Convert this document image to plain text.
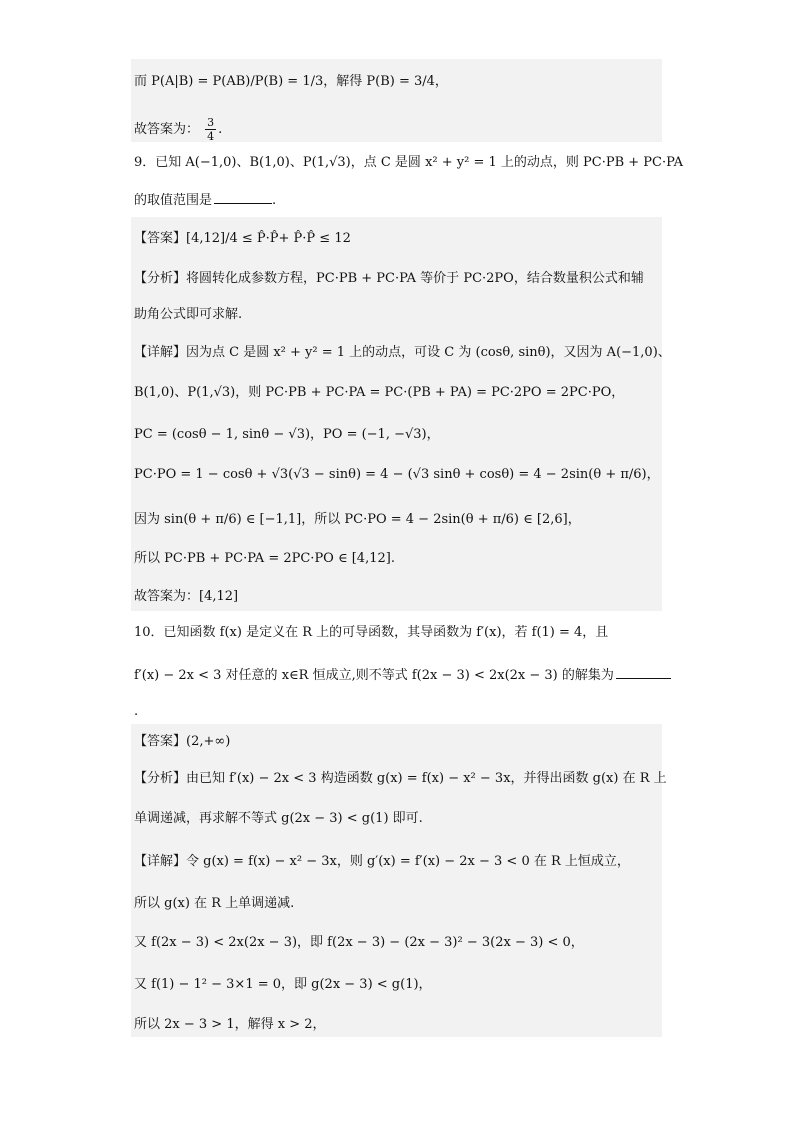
而 P(A|B) = P(AB)/P(B) = 1/3，解得 P(B) = 3/4，
故答案为： $\frac{3}{4}$ .
9．已知 A(−1,0)、B(1,0)、P(1,√3)，点 C 是圆 x² + y² = 1 上的动点，则 PC·PB + PC·PA
的取值范围是	.
【答案】[4,12]/4 ≤ P̂·P̂+ P̂·P̂ ≤ 12
【分析】将圆转化成参数方程，PC·PB + PC·PA 等价于 PC·2PO，结合数量积公式和辅
助角公式即可求解.
【详解】因为点 C 是圆 x² + y² = 1 上的动点，可设 C 为 (cosθ, sinθ)，又因为 A(−1,0)、
B(1,0)、P(1,√3)，则 PC·PB + PC·PA = PC·(PB + PA) = PC·2PO = 2PC·PO，
PC = (cosθ − 1, sinθ − √3)，PO = (−1, −√3)，
PC·PO = 1 − cosθ + √3(√3 − sinθ) = 4 − (√3 sinθ + cosθ) = 4 − 2sin(θ + π/6)，
因为 sin(θ + π/6) ∈ [−1,1]，所以 PC·PO = 4 − 2sin(θ + π/6) ∈ [2,6]，
所以 PC·PB + PC·PA = 2PC·PO ∈ [4,12].
故答案为：[4,12]
10．已知函数 f(x) 是定义在 R 上的可导函数，其导函数为 f′(x)，若 f(1) = 4，且
f′(x) − 2x < 3 对任意的 x∈R 恒成立,则不等式 f(2x − 3) < 2x(2x − 3) 的解集为
.
【答案】(2,+∞)
【分析】由已知 f′(x) − 2x < 3 构造函数 g(x) = f(x) − x² − 3x，并得出函数 g(x) 在 R 上
单调递减，再求解不等式 g(2x − 3) < g(1) 即可.
【详解】令 g(x) = f(x) − x² − 3x，则 g′(x) = f′(x) − 2x − 3 < 0 在 R 上恒成立，
所以 g(x) 在 R 上单调递减.
又 f(2x − 3) < 2x(2x − 3)，即 f(2x − 3) − (2x − 3)² − 3(2x − 3) < 0，
又 f(1) − 1² − 3×1 = 0，即 g(2x − 3) < g(1)，
所以 2x − 3 > 1，解得 x > 2，
